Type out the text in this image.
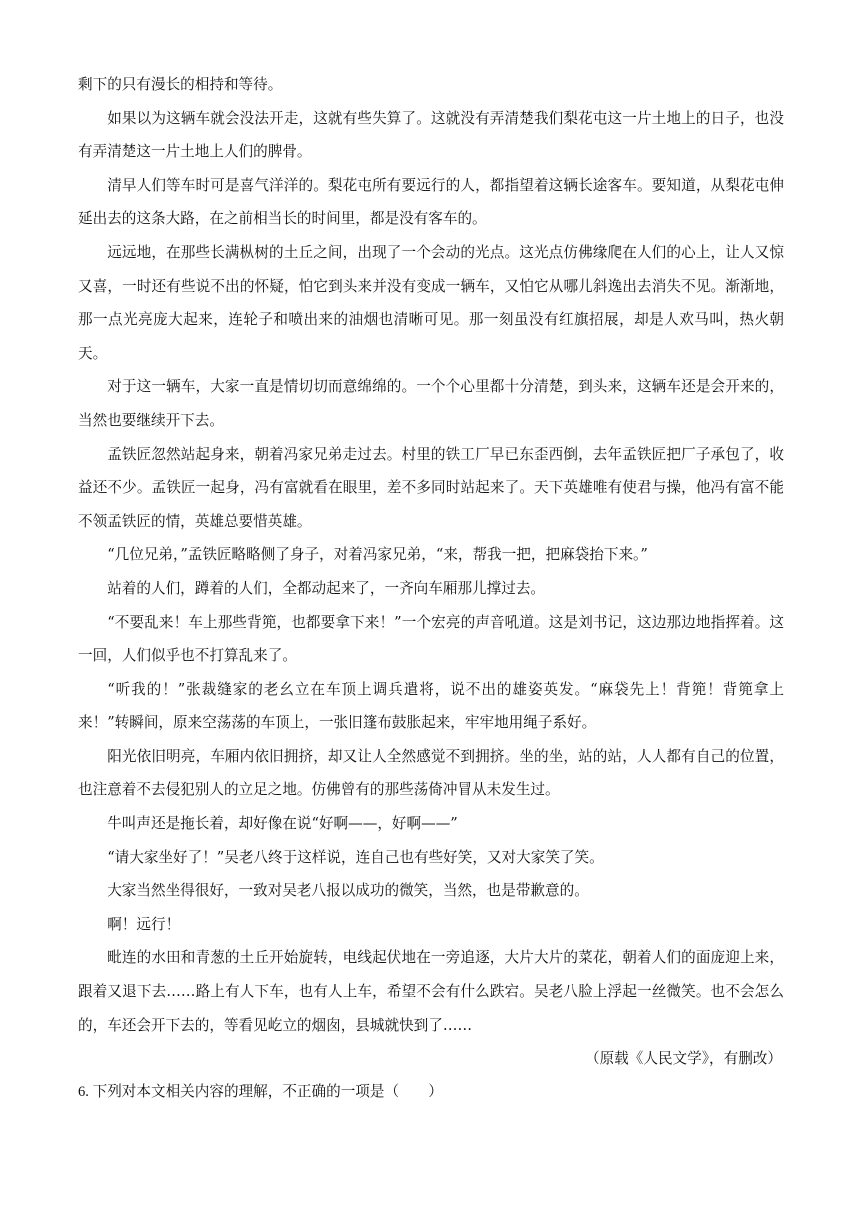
剩下的只有漫长的相持和等待。

如果以为这辆车就会没法开走，这就有些失算了。这就没有弄清楚我们梨花屯这一片土地上的日子，也没有弄清楚这一片土地上人们的脾骨。

清早人们等车时可是喜气洋洋的。梨花屯所有要远行的人，都指望着这辆长途客车。要知道，从梨花屯伸延出去的这条大路，在之前相当长的时间里，都是没有客车的。

远远地，在那些长满枞树的土丘之间，出现了一个会动的光点。这光点仿佛缘爬在人们的心上，让人又惊又喜，一时还有些说不出的怀疑，怕它到头来并没有变成一辆车，又怕它从哪儿斜逸出去消失不见。渐渐地，那一点光亮庞大起来，连轮子和喷出来的油烟也清晰可见。那一刻虽没有红旗招展，却是人欢马叫，热火朝天。

对于这一辆车，大家一直是情切切而意绵绵的。一个个心里都十分清楚，到头来，这辆车还是会开来的，当然也要继续开下去。

孟铁匠忽然站起身来，朝着冯家兄弟走过去。村里的铁工厂早已东歪西倒，去年孟铁匠把厂子承包了，收益还不少。孟铁匠一起身，冯有富就看在眼里，差不多同时站起来了。天下英雄唯有使君与操，他冯有富不能不领孟铁匠的情，英雄总要惜英雄。

“几位兄弟，”孟铁匠略略侧了身子，对着冯家兄弟，“来，帮我一把，把麻袋抬下来。”

站着的人们，蹲着的人们，全都动起来了，一齐向车厢那儿撑过去。

“不要乱来！车上那些背篼，也都要拿下来！”一个宏亮的声音吼道。这是刘书记，这边那边地指挥着。这一回，人们似乎也不打算乱来了。

“听我的！”张裁缝家的老幺立在车顶上调兵遣将，说不出的雄姿英发。“麻袋先上！背篼！背篼拿上来！”转瞬间，原来空荡荡的车顶上，一张旧篷布鼓胀起来，牢牢地用绳子系好。

阳光依旧明亮，车厢内依旧拥挤，却又让人全然感觉不到拥挤。坐的坐，站的站，人人都有自己的位置，也注意着不去侵犯别人的立足之地。仿佛曾有的那些荡倚冲冒从未发生过。

牛叫声还是拖长着，却好像在说“好啊——，好啊——”

“请大家坐好了！”吴老八终于这样说，连自己也有些好笑，又对大家笑了笑。

大家当然坐得很好，一致对吴老八报以成功的微笑，当然，也是带歉意的。

啊！远行！

毗连的水田和青葱的土丘开始旋转，电线起伏地在一旁追逐，大片大片的菜花，朝着人们的面庞迎上来，跟着又退下去……路上有人下车，也有人上车，希望不会有什么跌宕。吴老八脸上浮起一丝微笑。也不会怎么的，车还会开下去的，等看见屹立的烟囱，县城就快到了……

（原载《人民文学》，有删改）

6. 下列对本文相关内容的理解，不正确的一项是（　　）
